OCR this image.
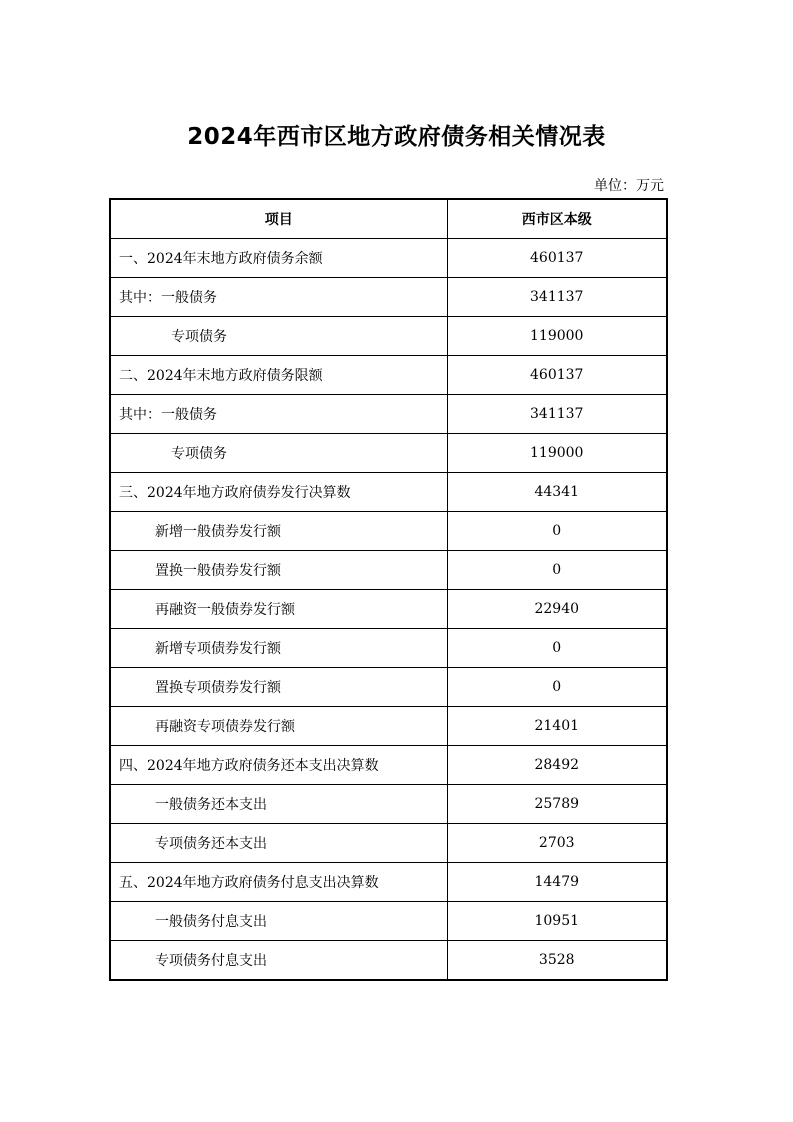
2024年西市区地方政府债务相关情况表
单位：万元
项目	西市区本级
一、2024年末地方政府债务余额	460137
其中：一般债务	341137
专项债务	119000
二、2024年末地方政府债务限额	460137
其中：一般债务	341137
专项债务	119000
三、2024年地方政府债券发行决算数	44341
新增一般债券发行额	0
置换一般债券发行额	0
再融资一般债券发行额	22940
新增专项债券发行额	0
置换专项债券发行额	0
再融资专项债券发行额	21401
四、2024年地方政府债务还本支出决算数	28492
一般债务还本支出	25789
专项债务还本支出	2703
五、2024年地方政府债务付息支出决算数	14479
一般债务付息支出	10951
专项债务付息支出	3528
